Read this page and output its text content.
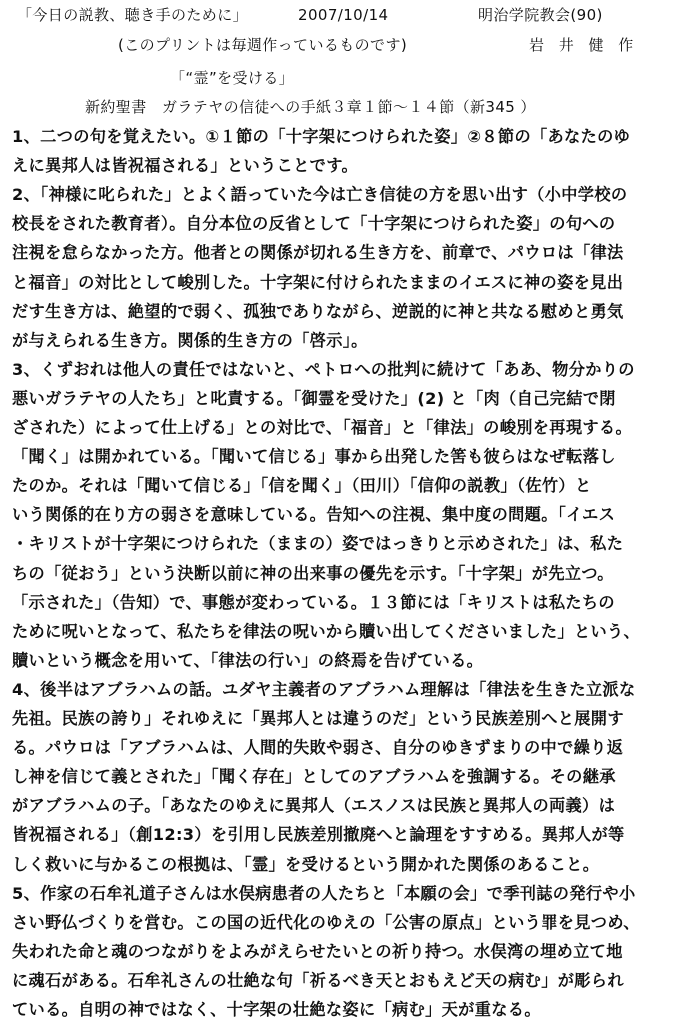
「今日の説教、聴き手のために」	2007/10/14	明治学院教会(90)
(このプリントは毎週作っているものです)	岩 井 健 作
「“霊”を受ける」
新約聖書　ガラテヤの信徒への手紙３章１節～１４節（新345 ）
1、二つの句を覚えたい。①１節の「十字架につけられた姿」②８節の「あなたのゆ
えに異邦人は皆祝福される」ということです。
2、「神様に叱られた」とよく語っていた今は亡き信徒の方を思い出す（小中学校の
校長をされた教育者）。自分本位の反省として「十字架につけられた姿」の句への
注視を怠らなかった方。他者との関係が切れる生き方を、前章で、パウロは「律法
と福音」の対比として峻別した。十字架に付けられたままのイエスに神の姿を見出
だす生き方は、絶望的で弱く、孤独でありながら、逆説的に神と共なる慰めと勇気
が与えられる生き方。関係的生き方の「啓示」。
3、くずおれは他人の責任ではないと、ペトロへの批判に続けて「ああ、物分かりの
悪いガラテヤの人たち」と叱責する。「御霊を受けた」(2) と「肉（自己完結で閉
ざされた）によって仕上げる」との対比で、「福音」と「律法」の峻別を再現する。
「聞く」は開かれている。「聞いて信じる」事から出発した筈も彼らはなぜ転落し
たのか。それは「聞いて信じる」「信を聞く」（田川）「信仰の説教」（佐竹）と
いう関係的在り方の弱さを意味している。告知への注視、集中度の問題。「イエス
・キリストが十字架につけられた（ままの）姿ではっきりと示めされた」は、私た
ちの「従おう」という決断以前に神の出来事の優先を示す。「十字架」が先立つ。
「示された」（告知）で、事態が変わっている。１３節には「キリストは私たちの
ために呪いとなって、私たちを律法の呪いから贖い出してくださいました」という、
贖いという概念を用いて、「律法の行い」の終焉を告げている。
4、後半はアブラハムの話。ユダヤ主義者のアブラハム理解は「律法を生きた立派な
先祖。民族の誇り」それゆえに「異邦人とは違うのだ」という民族差別へと展開す
る。パウロは「アブラハムは、人間的失敗や弱さ、自分のゆきずまりの中で繰り返
し神を信じて義とされた」「聞く存在」としてのアブラハムを強調する。その継承
がアブラハムの子。「あなたのゆえに異邦人（エスノスは民族と異邦人の両義）は
皆祝福される」（創12:3）を引用し民族差別撤廃へと論理をすすめる。異邦人が等
しく救いに与かるこの根拠は、「霊」を受けるという開かれた関係のあること。
5、作家の石牟礼道子さんは水俣病患者の人たちと「本願の会」で季刊誌の発行や小
さい野仏づくりを営む。この国の近代化のゆえの「公害の原点」という罪を見つめ、
失われた命と魂のつながりをよみがえらせたいとの祈り持つ。水俣湾の埋め立て地
に魂石がある。石牟礼さんの壮絶な句「祈るべき天とおもえど天の病む」が彫られ
ている。自明の神ではなく、十字架の壮絶な姿に「病む」天が重なる。
